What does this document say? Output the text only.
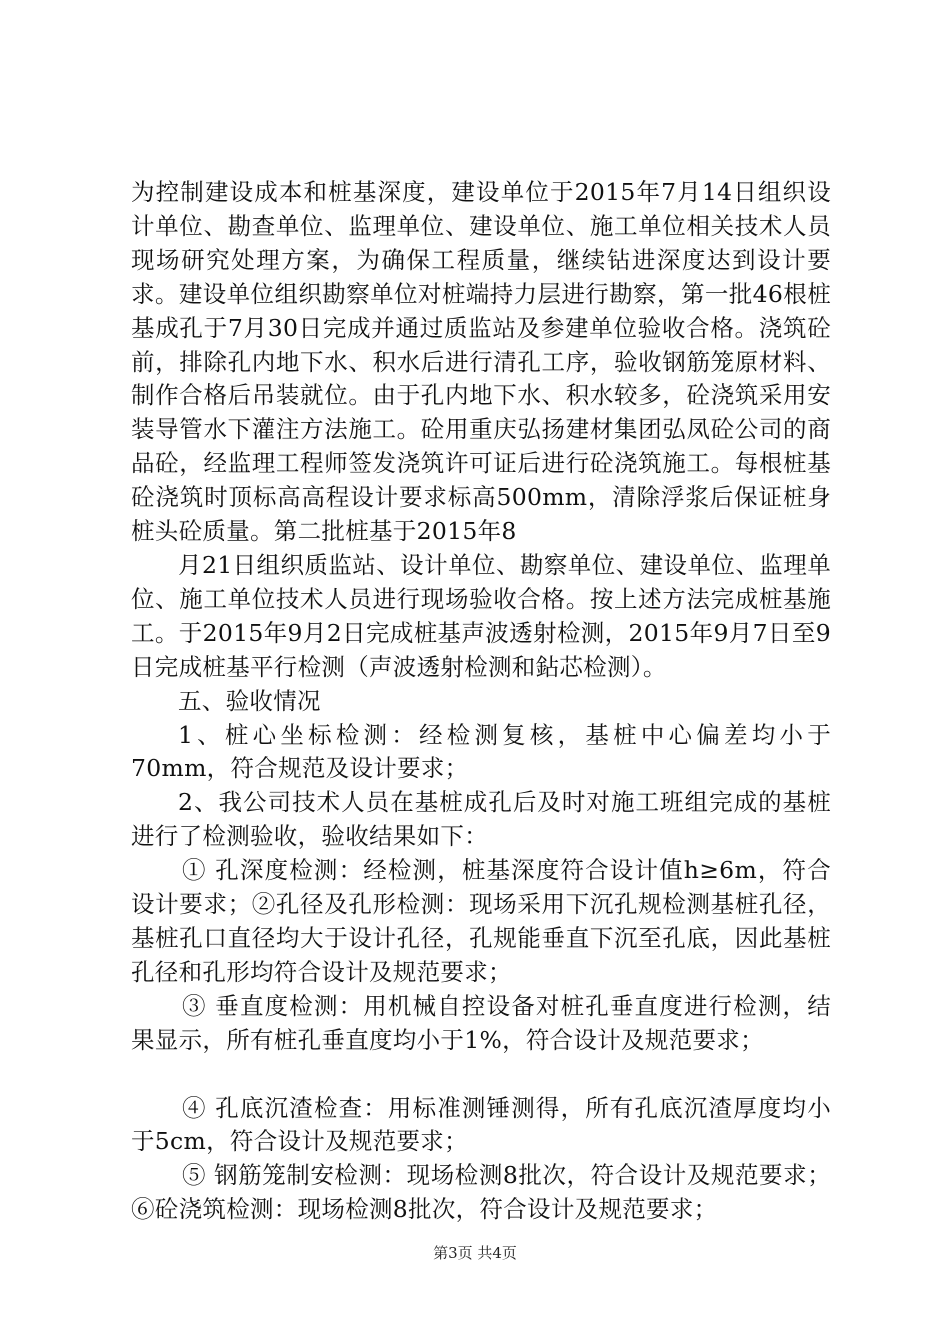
为控制建设成本和桩基深度，建设单位于2015年7月14日组织设计单位、勘查单位、监理单位、建设单位、施工单位相关技术人员现场研究处理方案，为确保工程质量，继续钻进深度达到设计要求。建设单位组织勘察单位对桩端持力层进行勘察，第一批46根桩基成孔于7月30日完成并通过质监站及参建单位验收合格。浇筑砼前，排除孔内地下水、积水后进行清孔工序，验收钢筋笼原材料、制作合格后吊装就位。由于孔内地下水、积水较多，砼浇筑采用安装导管水下灌注方法施工。砼用重庆弘扬建材集团弘凤砼公司的商品砼，经监理工程师签发浇筑许可证后进行砼浇筑施工。每根桩基砼浇筑时顶标高高程设计要求标高500mm，清除浮浆后保证桩身桩头砼质量。第二批桩基于2015年8

月21日组织质监站、设计单位、勘察单位、建设单位、监理单位、施工单位技术人员进行现场验收合格。按上述方法完成桩基施工。于2015年9月2日完成桩基声波透射检测，2015年9月7日至9日完成桩基平行检测（声波透射检测和鉆芯检测）。

五、验收情况

1、桩心坐标检测：经检测复核，基桩中心偏差均小于70mm，符合规范及设计要求；

2、我公司技术人员在基桩成孔后及时对施工班组完成的基桩进行了检测验收，验收结果如下：

① 孔深度检测：经检测，桩基深度符合设计值h≥6m，符合设计要求；②孔径及孔形检测：现场采用下沉孔规检测基桩孔径，基桩孔口直径均大于设计孔径，孔规能垂直下沉至孔底，因此基桩孔径和孔形均符合设计及规范要求；

③ 垂直度检测：用机械自控设备对桩孔垂直度进行检测，结果显示，所有桩孔垂直度均小于1%，符合设计及规范要求；

④ 孔底沉渣检查：用标准测锤测得，所有孔底沉渣厚度均小于5cm，符合设计及规范要求；

⑤ 钢筋笼制安检测：现场检测8批次，符合设计及规范要求；⑥砼浇筑检测：现场检测8批次，符合设计及规范要求；

第3页 共4页
